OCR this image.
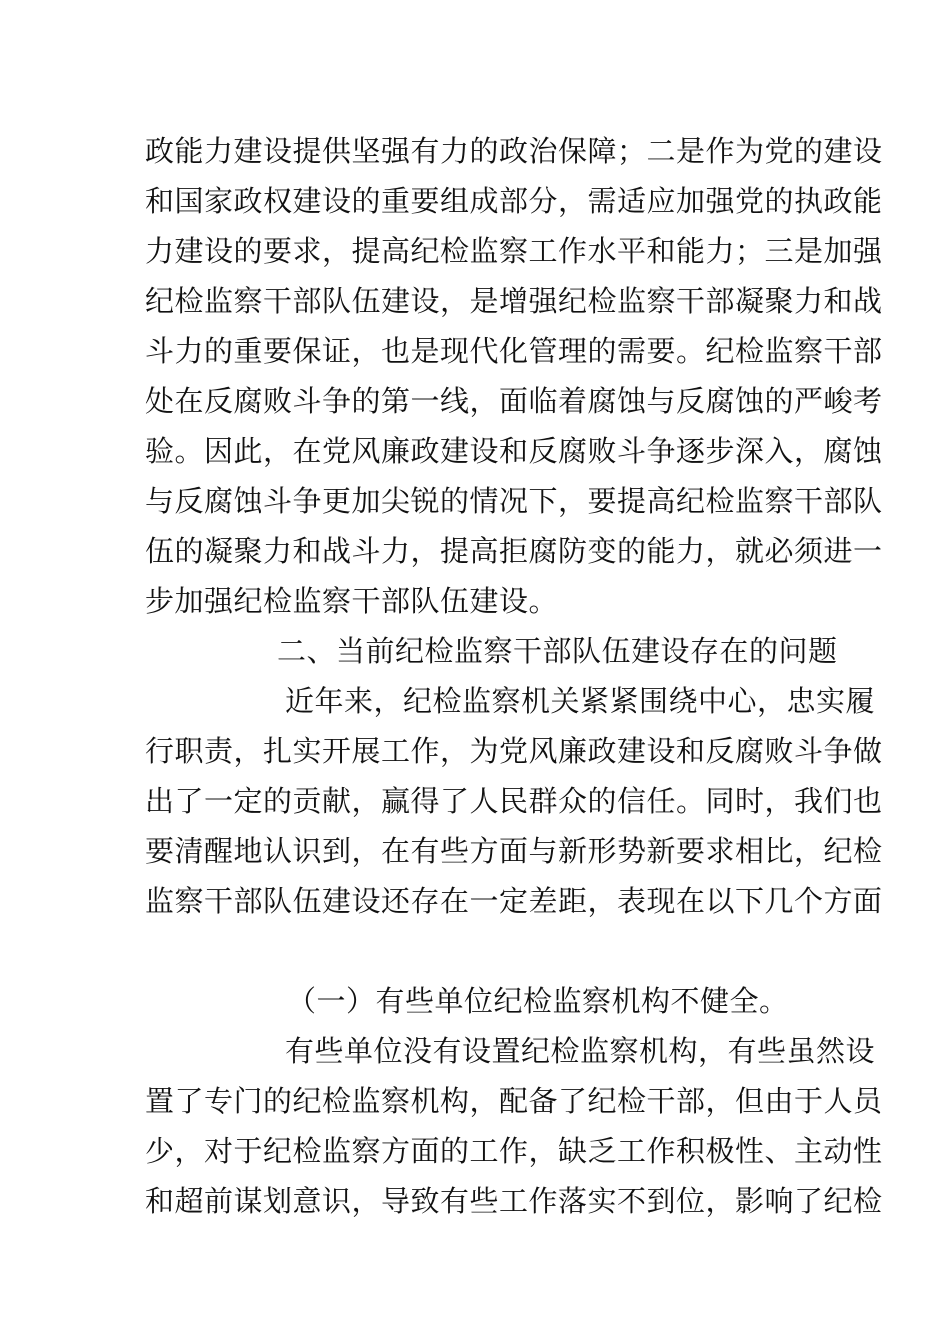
政能力建设提供坚强有力的政治保障；二是作为党的建设
和国家政权建设的重要组成部分，需适应加强党的执政能
力建设的要求，提高纪检监察工作水平和能力；三是加强
纪检监察干部队伍建设，是增强纪检监察干部凝聚力和战
斗力的重要保证，也是现代化管理的需要。纪检监察干部
处在反腐败斗争的第一线，面临着腐蚀与反腐蚀的严峻考
验。因此，在党风廉政建设和反腐败斗争逐步深入，腐蚀
与反腐蚀斗争更加尖锐的情况下，要提高纪检监察干部队
伍的凝聚力和战斗力，提高拒腐防变的能力，就必须进一
步加强纪检监察干部队伍建设。
二、当前纪检监察干部队伍建设存在的问题
近年来，纪检监察机关紧紧围绕中心，忠实履
行职责，扎实开展工作，为党风廉政建设和反腐败斗争做
出了一定的贡献，赢得了人民群众的信任。同时，我们也
要清醒地认识到，在有些方面与新形势新要求相比，纪检
监察干部队伍建设还存在一定差距，表现在以下几个方面
（一）有些单位纪检监察机构不健全。
有些单位没有设置纪检监察机构，有些虽然设
置了专门的纪检监察机构，配备了纪检干部，但由于人员
少，对于纪检监察方面的工作，缺乏工作积极性、主动性
和超前谋划意识，导致有些工作落实不到位，影响了纪检
